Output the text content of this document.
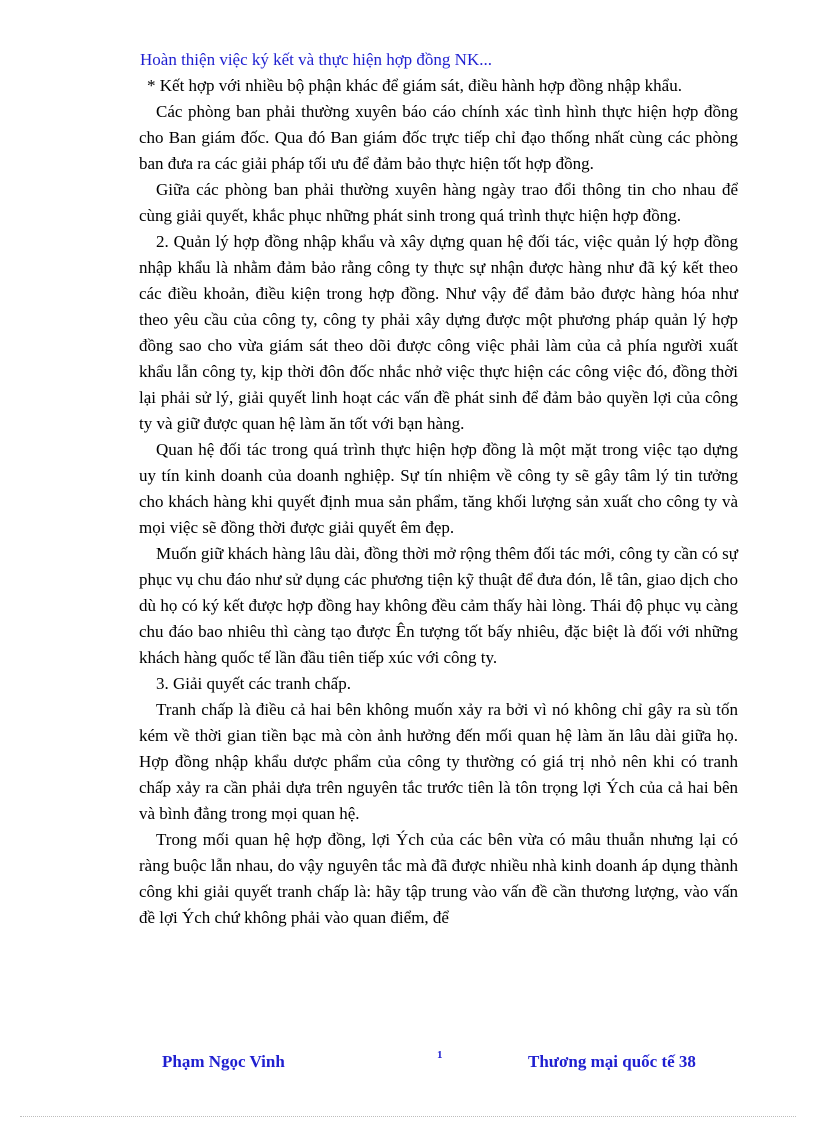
Hoàn thiện việc ký kết và thực hiện hợp đồng NK...

* Kết hợp với nhiều bộ phận khác để giám sát, điều hành hợp đồng nhập khẩu.

Các phòng ban phải thường xuyên báo cáo chính xác tình hình thực hiện hợp đồng cho Ban giám đốc. Qua đó Ban giám đốc trực tiếp chỉ đạo thống nhất cùng các phòng ban đưa ra các giải pháp tối ưu để đảm bảo thực hiện tốt hợp đồng.

Giữa các phòng ban phải thường xuyên hàng ngày trao đổi thông tin cho nhau để cùng giải quyết, khắc phục những phát sinh trong quá trình thực hiện hợp đồng.

2. Quản lý hợp đồng nhập khẩu và xây dựng quan hệ đối tác, việc quản lý hợp đồng nhập khẩu là nhằm đảm bảo rằng công ty thực sự nhận được hàng như đã ký kết theo các điều khoản, điều kiện trong hợp đồng. Như vậy để đảm bảo được hàng hóa như theo yêu cầu của công ty, công ty phải xây dựng được một phương pháp quản lý hợp đồng sao cho vừa giám sát theo dõi được công việc phải làm của cả phía người xuất khẩu lẫn công ty, kịp thời đôn đốc nhắc nhở việc thực hiện các công việc đó, đồng thời lại phải sử lý, giải quyết linh hoạt các vấn đề phát sinh để đảm bảo quyền lợi của công ty và giữ được quan hệ làm ăn tốt với bạn hàng.

Quan hệ đối tác trong quá trình thực hiện hợp đồng là một mặt trong việc tạo dựng uy tín kinh doanh của doanh nghiệp. Sự tín nhiệm về công ty sẽ gây tâm lý tin tưởng cho khách hàng khi quyết định mua sản phẩm, tăng khối lượng sản xuất cho công ty và mọi việc sẽ đồng thời được giải quyết êm đẹp.

Muốn giữ khách hàng lâu dài, đồng thời mở rộng thêm đối tác mới, công ty cần có sự phục vụ chu đáo như sử dụng các phương tiện kỹ thuật để đưa đón, lễ tân, giao dịch cho dù họ có ký kết được hợp đồng hay không đều cảm thấy hài lòng. Thái độ phục vụ càng chu đáo bao nhiêu thì càng tạo được Ên tượng tốt bấy nhiêu, đặc biệt là đối với những khách hàng quốc tế lần đầu tiên tiếp xúc với công ty.

3. Giải quyết các tranh chấp.

Tranh chấp là điều cả hai bên không muốn xảy ra bởi vì nó không chỉ gây ra sù tốn kém về thời gian tiền bạc mà còn ảnh hưởng đến mối quan hệ làm ăn lâu dài giữa họ. Hợp đồng nhập khẩu dược phẩm của công ty thường có giá trị nhỏ nên khi có tranh chấp xảy ra cần phải dựa trên nguyên tắc trước tiên là tôn trọng lợi Ých của cả hai bên và bình đẳng trong mọi quan hệ.

Trong mối quan hệ hợp đồng, lợi Ých của các bên vừa có mâu thuẫn nhưng lại có ràng buộc lẫn nhau, do vậy nguyên tắc mà đã được nhiều nhà kinh doanh áp dụng thành công khi giải quyết tranh chấp là: hãy tập trung vào vấn đề cần thương lượng, vào vấn đề lợi Ých chứ không phải vào quan điểm, để

Phạm Ngọc Vinh	1	Thương mại quốc tế 38
